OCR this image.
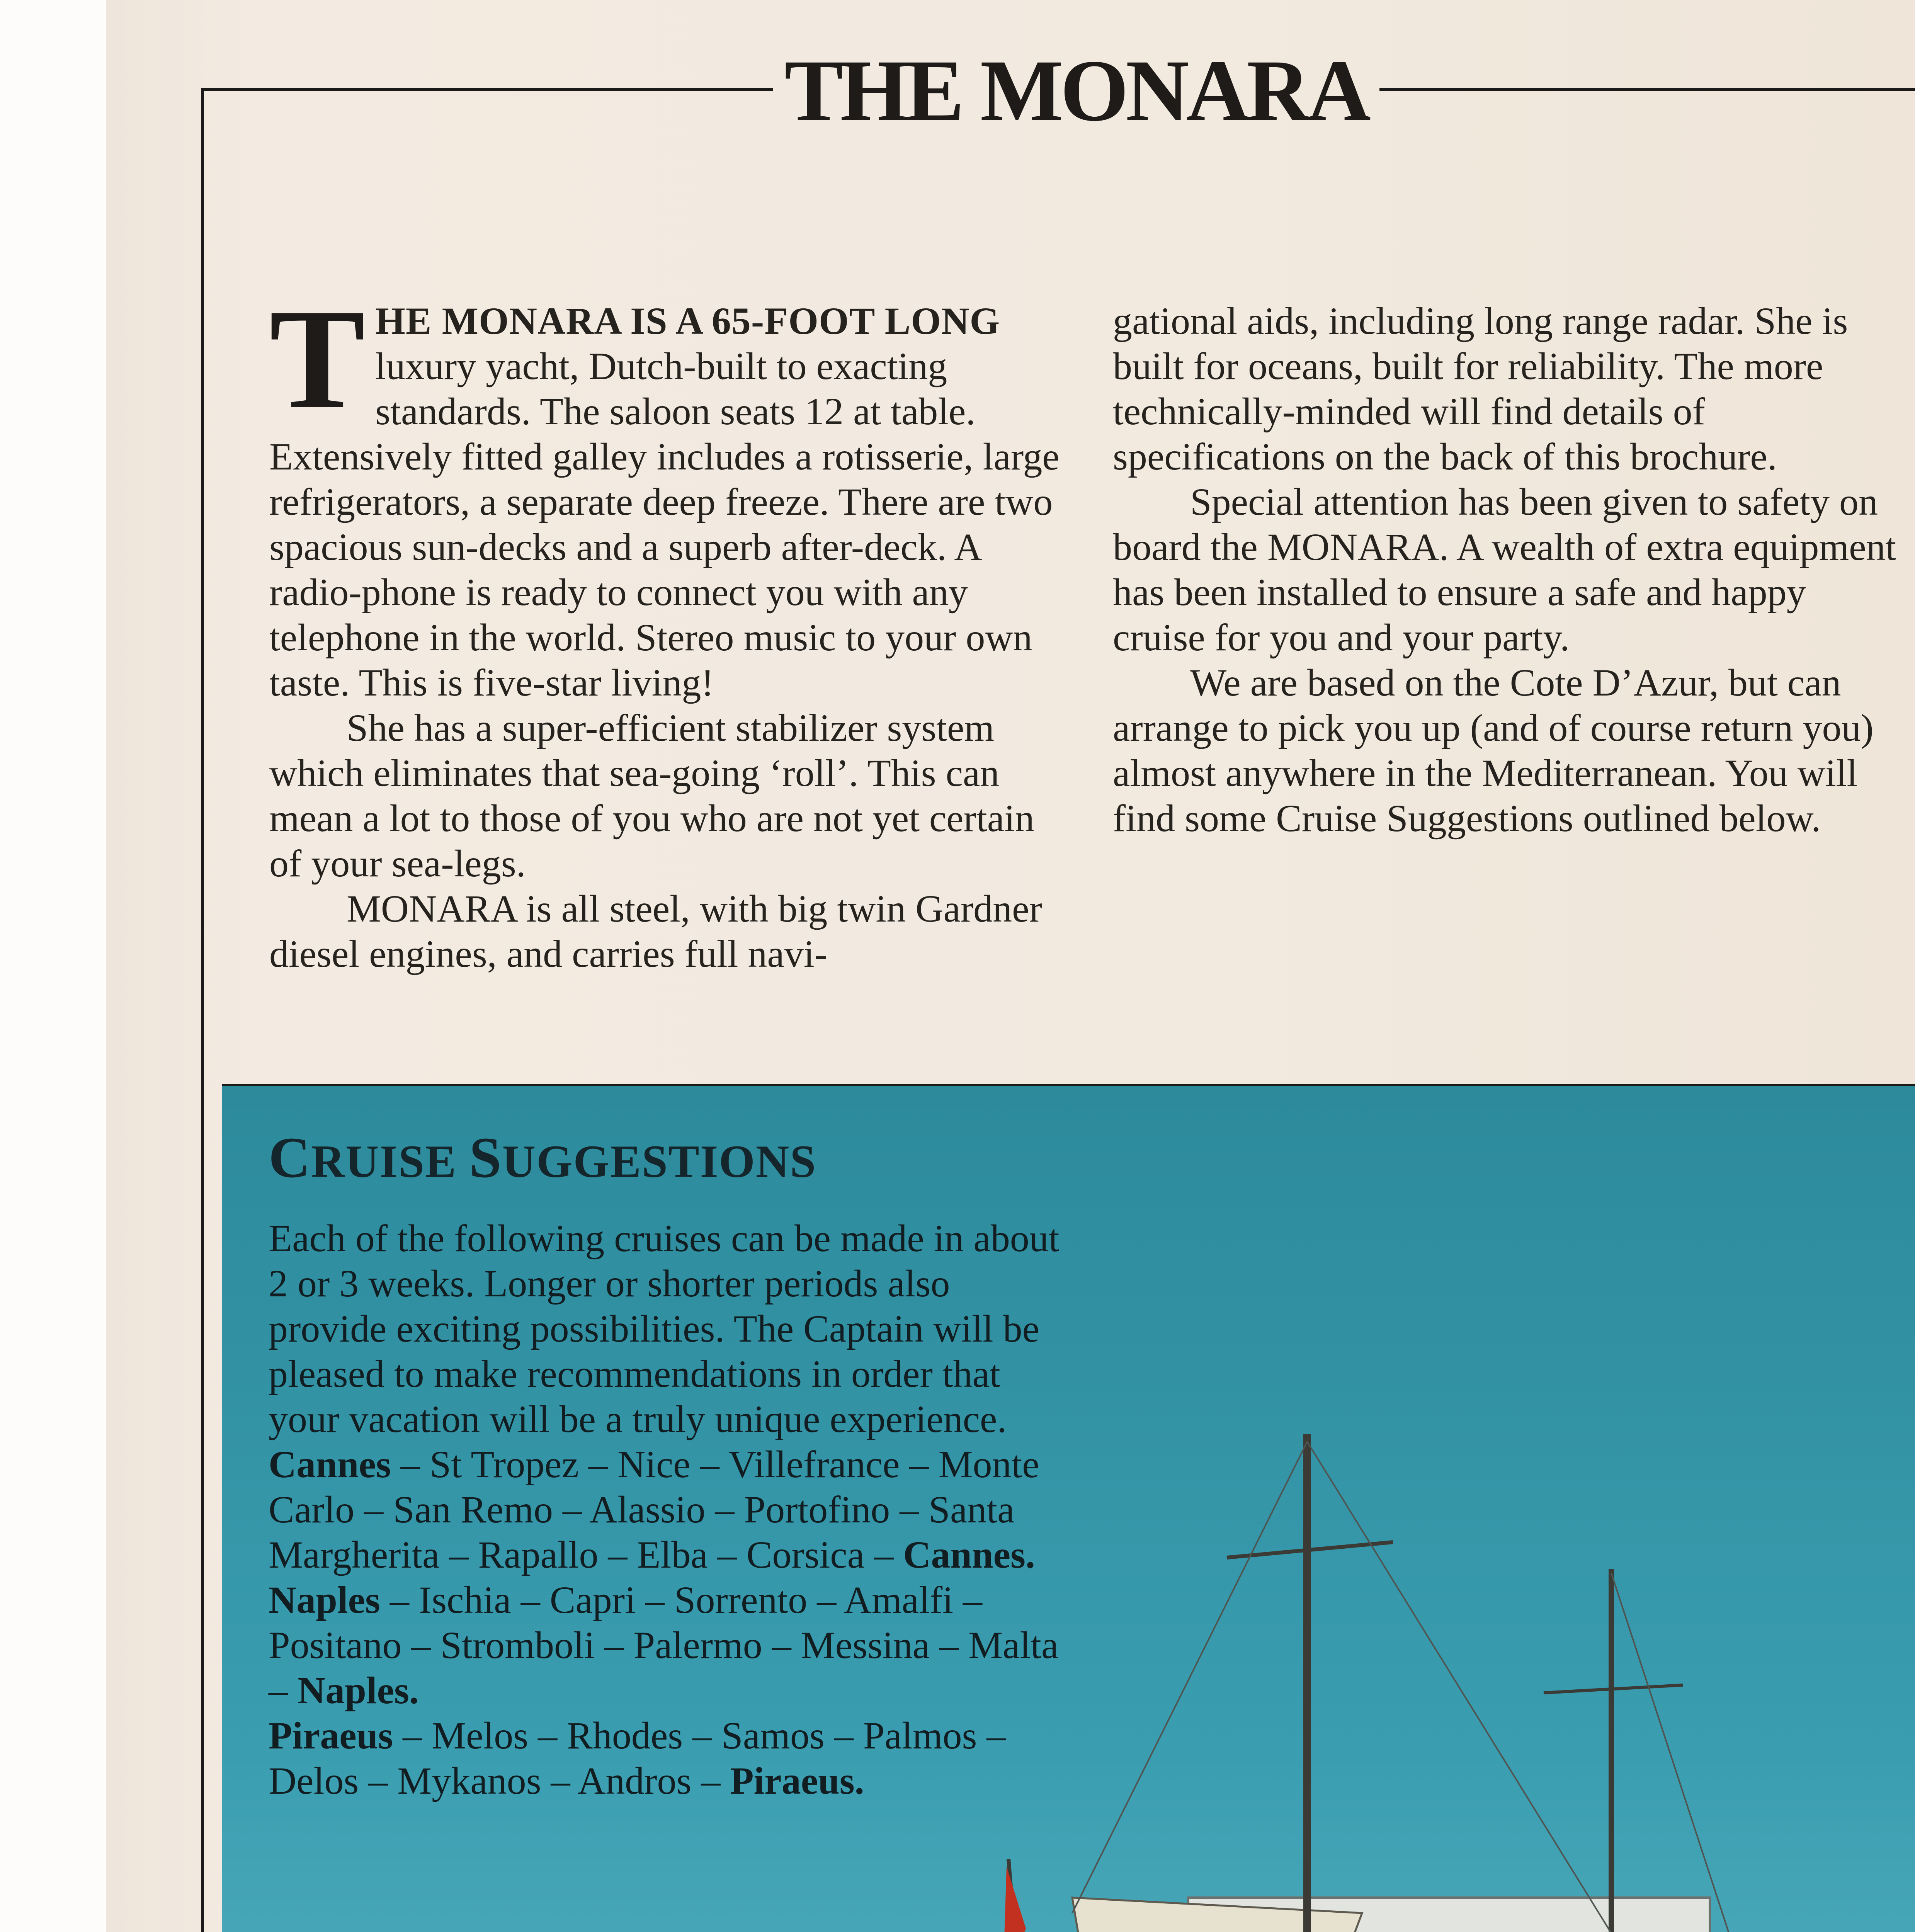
THE MONARA

T HE MONARA IS A 65-FOOT LONG luxury yacht, Dutch-built to exacting standards. The saloon seats 12 at table. Extensively fitted galley includes a rotisserie, large refrigerators, a separate deep freeze. There are two spacious sun-decks and a superb after-deck. A radio-phone is ready to connect you with any telephone in the world. Stereo music to your own taste. This is five-star living!

She has a super-efficient stabilizer system which eliminates that sea-going ‘roll’. This can mean a lot to those of you who are not yet certain of your sea-legs.

MONARA is all steel, with big twin Gardner diesel engines, and carries full navi-

gational aids, including long range radar. She is built for oceans, built for reliability. The more technically-minded will find details of specifications on the back of this brochure.

Special attention has been given to safety on board the MONARA. A wealth of extra equipment has been installed to ensure a safe and happy cruise for you and your party.

We are based on the Cote D’Azur, but can arrange to pick you up (and of course return you) almost anywhere in the Mediterranean. You will find some Cruise Suggestions outlined below.

CRUISE SUGGESTIONS

Each of the following cruises can be made in about 2 or 3 weeks. Longer or shorter periods also provide exciting possibilities. The Captain will be pleased to make recommendations in order that your vacation will be a truly unique experience.

Cannes – St Tropez – Nice – Villefrance – Monte Carlo – San Remo – Alassio – Portofino – Santa Margherita – Rapallo – Elba – Corsica – Cannes.

Naples – Ischia – Capri – Sorrento – Amalfi – Positano – Stromboli – Palermo – Messina – Malta – Naples.

Piraeus – Melos – Rhodes – Samos – Palmos – Delos – Mykanos – Andros – Piraeus.
